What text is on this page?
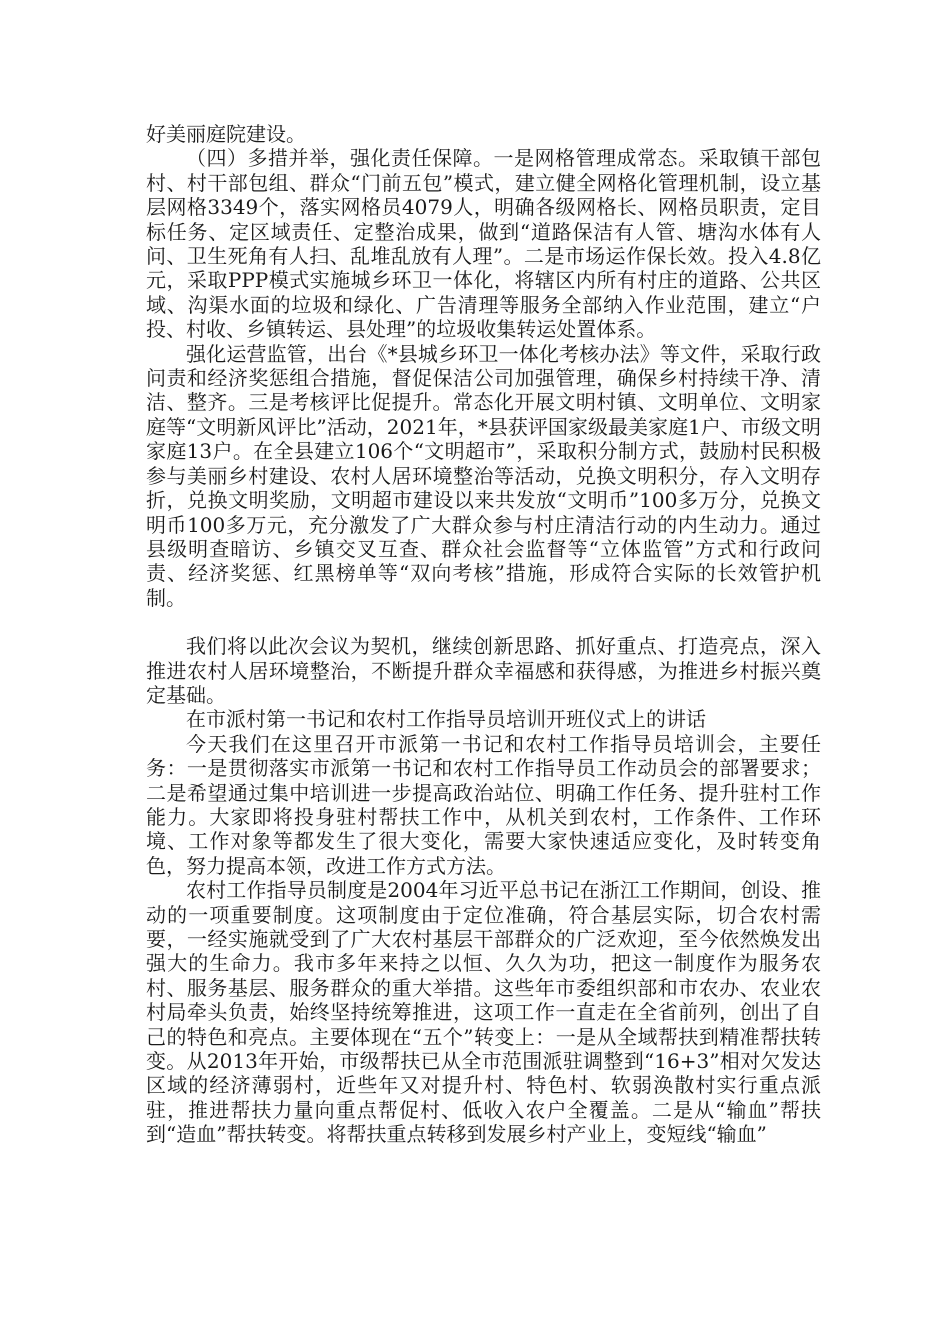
好美丽庭院建设。

（四）多措并举，强化责任保障。一是网格管理成常态。采取镇干部包村、村干部包组、群众“门前五包”模式，建立健全网格化管理机制，设立基层网格3349个，落实网格员4079人，明确各级网格长、网格员职责，定目标任务、定区域责任、定整治成果，做到“道路保洁有人管、塘沟水体有人问、卫生死角有人扫、乱堆乱放有人理”。二是市场运作保长效。投入4.8亿元，采取PPP模式实施城乡环卫一体化，将辖区内所有村庄的道路、公共区域、沟渠水面的垃圾和绿化、广告清理等服务全部纳入作业范围，建立“户投、村收、乡镇转运、县处理”的垃圾收集转运处置体系。

强化运营监管，出台《*县城乡环卫一体化考核办法》等文件，采取行政问责和经济奖惩组合措施，督促保洁公司加强管理，确保乡村持续干净、清洁、整齐。三是考核评比促提升。常态化开展文明村镇、文明单位、文明家庭等“文明新风评比”活动，2021年，*县获评国家级最美家庭1户、市级文明家庭13户。在全县建立106个“文明超市”，采取积分制方式，鼓励村民积极参与美丽乡村建设、农村人居环境整治等活动，兑换文明积分，存入文明存折，兑换文明奖励，文明超市建设以来共发放“文明币”100多万分，兑换文明币100多万元，充分激发了广大群众参与村庄清洁行动的内生动力。通过县级明查暗访、乡镇交叉互查、群众社会监督等“立体监管”方式和行政问责、经济奖惩、红黑榜单等“双向考核”措施，形成符合实际的长效管护机制。

我们将以此次会议为契机，继续创新思路、抓好重点、打造亮点，深入推进农村人居环境整治，不断提升群众幸福感和获得感，为推进乡村振兴奠定基础。

在市派村第一书记和农村工作指导员培训开班仪式上的讲话

今天我们在这里召开市派第一书记和农村工作指导员培训会，主要任务：一是贯彻落实市派第一书记和农村工作指导员工作动员会的部署要求；二是希望通过集中培训进一步提高政治站位、明确工作任务、提升驻村工作能力。大家即将投身驻村帮扶工作中，从机关到农村，工作条件、工作环境、工作对象等都发生了很大变化，需要大家快速适应变化，及时转变角色，努力提高本领，改进工作方式方法。

农村工作指导员制度是2004年习近平总书记在浙江工作期间，创设、推动的一项重要制度。这项制度由于定位准确，符合基层实际，切合农村需要，一经实施就受到了广大农村基层干部群众的广泛欢迎，至今依然焕发出强大的生命力。我市多年来持之以恒、久久为功，把这一制度作为服务农村、服务基层、服务群众的重大举措。这些年市委组织部和市农办、农业农村局牵头负责，始终坚持统筹推进，这项工作一直走在全省前列，创出了自己的特色和亮点。主要体现在“五个”转变上：一是从全域帮扶到精准帮扶转变。从2013年开始，市级帮扶已从全市范围派驻调整到“16+3”相对欠发达区域的经济薄弱村，近些年又对提升村、特色村、软弱涣散村实行重点派驻，推进帮扶力量向重点帮促村、低收入农户全覆盖。二是从“输血”帮扶到“造血”帮扶转变。将帮扶重点转移到发展乡村产业上，变短线“输血”
